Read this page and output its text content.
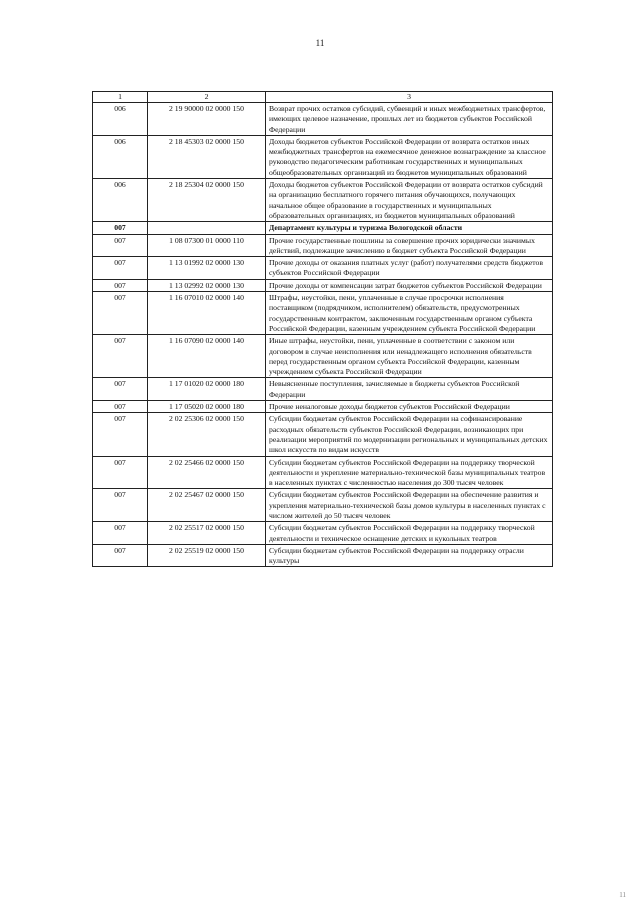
11
1	2	3
006	2 19 90000 02 0000 150	Возврат прочих остатков субсидий, субвенций и иных межбюджетных трансфертов, имеющих целевое назначение, прошлых лет из бюджетов субъектов Российской Федерации
006	2 18 45303 02 0000 150	Доходы бюджетов субъектов Российской Федерации от возврата остатков иных межбюджетных трансфертов на ежемесячное денежное вознаграждение за классное руководство педагогическим работникам государственных и муниципальных общеобразовательных организаций из бюджетов муниципальных образований
006	2 18 25304 02 0000 150	Доходы бюджетов субъектов Российской Федерации от возврата остатков субсидий на организацию бесплатного горячего питания обучающихся, получающих начальное общее образование в государственных и муниципальных образовательных организациях, из бюджетов муниципальных образований
007		Департамент культуры и туризма Вологодской области
007	1 08 07300 01 0000 110	Прочие государственные пошлины за совершение прочих юридически значимых действий, подлежащие зачислению в бюджет субъекта Российской Федерации
007	1 13 01992 02 0000 130	Прочие доходы от оказания платных услуг (работ) получателями средств бюджетов субъектов Российской Федерации
007	1 13 02992 02 0000 130	Прочие доходы от компенсации затрат бюджетов субъектов Российской Федерации
007	1 16 07010 02 0000 140	Штрафы, неустойки, пени, уплаченные в случае просрочки исполнения поставщиком (подрядчиком, исполнителем) обязательств, предусмотренных государственным контрактом, заключенным государственным органом субъекта Российской Федерации, казенным учреждением субъекта Российской Федерации
007	1 16 07090 02 0000 140	Иные штрафы, неустойки, пени, уплаченные в соответствии с законом или договором в случае неисполнения или ненадлежащего исполнения обязательств перед государственным органом субъекта Российской Федерации, казенным учреждением субъекта Российской Федерации
007	1 17 01020 02 0000 180	Невыясненные поступления, зачисляемые в бюджеты субъектов Российской Федерации
007	1 17 05020 02 0000 180	Прочие неналоговые доходы бюджетов субъектов Российской Федерации
007	2 02 25306 02 0000 150	Субсидии бюджетам субъектов Российской Федерации на софинансирование расходных обязательств субъектов Российской Федерации, возникающих при реализации мероприятий по модернизации региональных и муниципальных детских школ искусств по видам искусств
007	2 02 25466 02 0000 150	Субсидии бюджетам субъектов Российской Федерации на поддержку творческой деятельности и укрепление материально-технической базы муниципальных театров в населенных пунктах с численностью населения до 300 тысяч человек
007	2 02 25467 02 0000 150	Субсидии бюджетам субъектов Российской Федерации на обеспечение развития и укрепления материально-технической базы домов культуры в населенных пунктах с числом жителей до 50 тысяч человек
007	2 02 25517 02 0000 150	Субсидии бюджетам субъектов Российской Федерации на поддержку творческой деятельности и техническое оснащение детских и кукольных театров
007	2 02 25519 02 0000 150	Субсидии бюджетам субъектов Российской Федерации на поддержку отрасли культуры
11
